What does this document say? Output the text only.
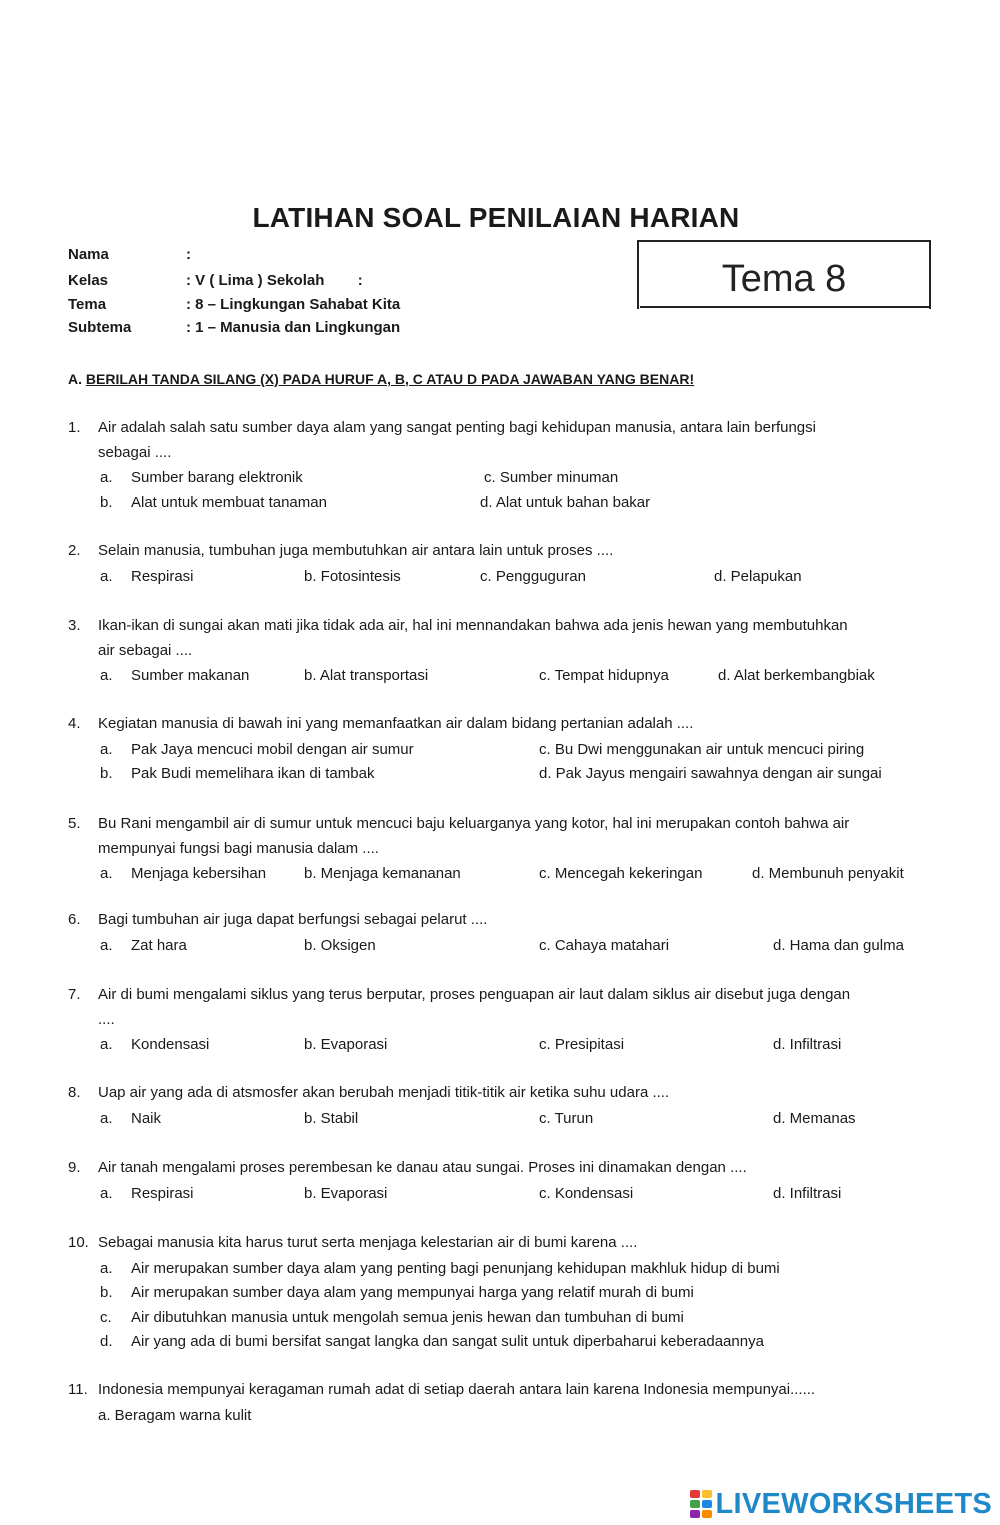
LATIHAN SOAL PENILAIAN HARIAN
Nama	:
Kelas	: V ( Lima ) Sekolah        :
Tema	: 8 – Lingkungan Sahabat Kita
Subtema	: 1 – Manusia dan Lingkungan
Tema 8
A. BERILAH TANDA SILANG (X) PADA HURUF A, B, C ATAU D PADA JAWABAN YANG BENAR!
1. Air adalah salah satu sumber daya alam yang sangat penting bagi kehidupan manusia, antara lain berfungsi
sebagai ....
a. Sumber barang elektronik	c. Sumber minuman
b. Alat untuk membuat tanaman	d. Alat untuk bahan bakar
2. Selain manusia, tumbuhan juga membutuhkan air antara lain untuk proses ....
a. Respirasi	b. Fotosintesis	c. Pengguguran	d. Pelapukan
3. Ikan-ikan di sungai akan mati jika tidak ada air, hal ini mennandakan bahwa ada jenis hewan yang membutuhkan
air sebagai ....
a. Sumber makanan	b. Alat transportasi	c. Tempat hidupnya	d. Alat berkembangbiak
4. Kegiatan manusia di bawah ini yang memanfaatkan air dalam bidang pertanian adalah ....
a. Pak Jaya mencuci mobil dengan air sumur	c. Bu Dwi menggunakan air untuk mencuci piring
b. Pak Budi memelihara ikan di tambak	d. Pak Jayus mengairi sawahnya dengan air sungai
5. Bu Rani mengambil air di sumur untuk mencuci baju keluarganya yang kotor, hal ini merupakan contoh bahwa air
mempunyai fungsi bagi manusia dalam ....
a. Menjaga kebersihan	b. Menjaga kemananan	c. Mencegah kekeringan	d. Membunuh penyakit
6. Bagi tumbuhan air juga dapat berfungsi sebagai pelarut ....
a. Zat hara	b. Oksigen	c. Cahaya matahari	d. Hama dan gulma
7. Air di bumi mengalami siklus yang terus berputar, proses penguapan air laut dalam siklus air disebut juga dengan
....
a. Kondensasi	b. Evaporasi	c. Presipitasi	d. Infiltrasi
8. Uap air yang ada di atsmosfer akan berubah menjadi titik-titik air ketika suhu udara ....
a. Naik	b. Stabil	c. Turun	d. Memanas
9. Air tanah mengalami proses perembesan ke danau atau sungai. Proses ini dinamakan dengan ....
a. Respirasi	b. Evaporasi	c. Kondensasi	d. Infiltrasi
10. Sebagai manusia kita harus turut serta menjaga kelestarian air di bumi karena ....
a. Air merupakan sumber daya alam yang penting bagi penunjang kehidupan makhluk hidup di bumi
b. Air merupakan sumber daya alam yang mempunyai harga yang relatif murah di bumi
c. Air dibutuhkan manusia untuk mengolah semua jenis hewan dan tumbuhan di bumi
d. Air yang ada di bumi bersifat sangat langka dan sangat sulit untuk diperbaharui keberadaannya
11. Indonesia mempunyai keragaman rumah adat di setiap daerah antara lain karena Indonesia mempunyai......
a. Beragam warna kulit
LIVEWORKSHEETS
